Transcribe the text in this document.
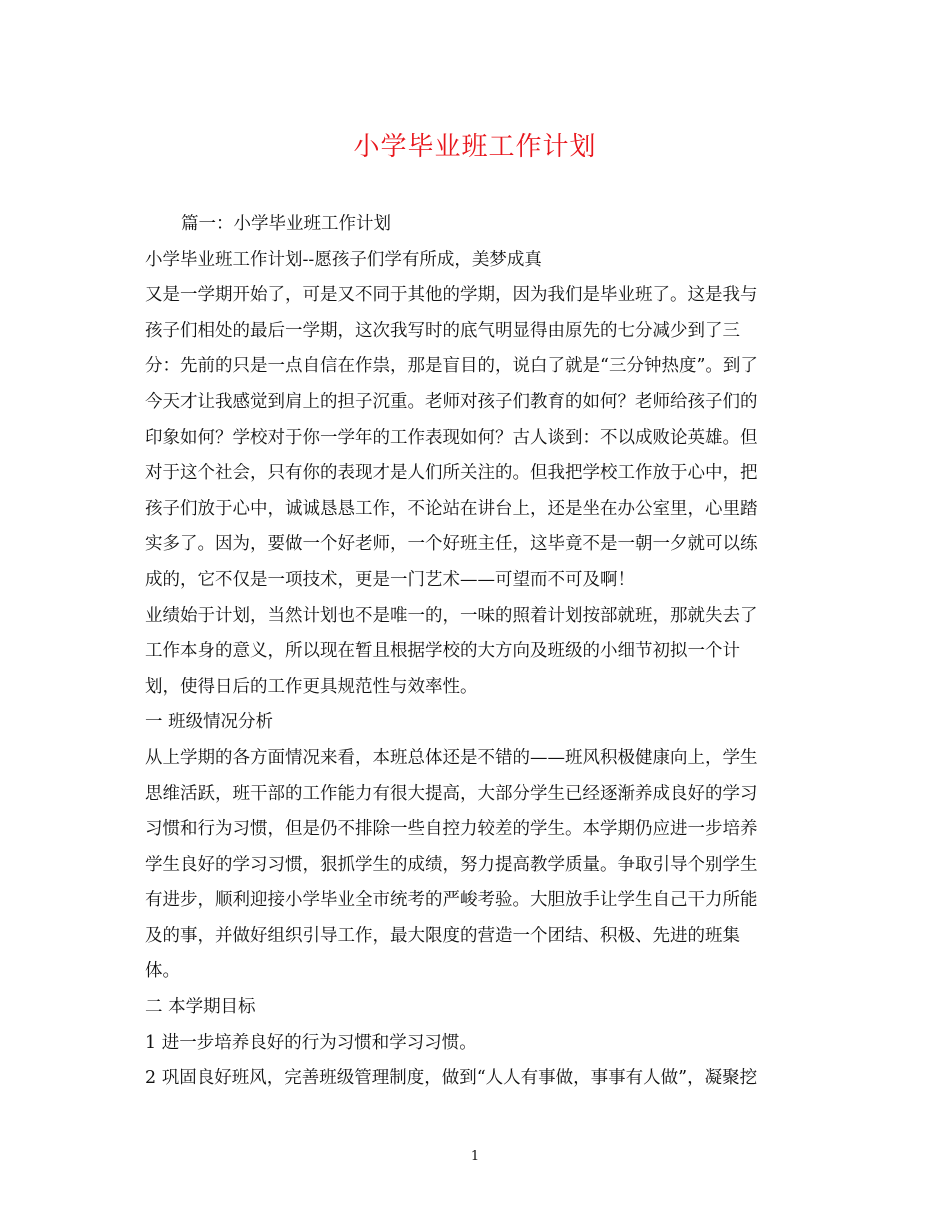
小学毕业班工作计划
篇一：小学毕业班工作计划
小学毕业班工作计划--愿孩子们学有所成，美梦成真
又是一学期开始了，可是又不同于其他的学期，因为我们是毕业班了。这是我与
孩子们相处的最后一学期，这次我写时的底气明显得由原先的七分减少到了三
分：先前的只是一点自信在作祟，那是盲目的，说白了就是“三分钟热度”。到了
今天才让我感觉到肩上的担子沉重。老师对孩子们教育的如何？老师给孩子们的
印象如何？学校对于你一学年的工作表现如何？古人谈到：不以成败论英雄。但
对于这个社会，只有你的表现才是人们所关注的。但我把学校工作放于心中，把
孩子们放于心中，诚诚恳恳工作，不论站在讲台上，还是坐在办公室里，心里踏
实多了。因为，要做一个好老师，一个好班主任，这毕竟不是一朝一夕就可以练
成的，它不仅是一项技术，更是一门艺术——可望而不可及啊！
业绩始于计划，当然计划也不是唯一的，一味的照着计划按部就班，那就失去了
工作本身的意义，所以现在暂且根据学校的大方向及班级的小细节初拟一个计
划，使得日后的工作更具规范性与效率性。
一 班级情况分析
从上学期的各方面情况来看，本班总体还是不错的——班风积极健康向上，学生
思维活跃，班干部的工作能力有很大提高，大部分学生已经逐渐养成良好的学习
习惯和行为习惯，但是仍不排除一些自控力较差的学生。本学期仍应进一步培养
学生良好的学习习惯，狠抓学生的成绩，努力提高教学质量。争取引导个别学生
有进步，顺利迎接小学毕业全市统考的严峻考验。大胆放手让学生自己干力所能
及的事，并做好组织引导工作，最大限度的营造一个团结、积极、先进的班集
体。
二 本学期目标
1 进一步培养良好的行为习惯和学习习惯。
2 巩固良好班风，完善班级管理制度，做到“人人有事做，事事有人做”，凝聚挖
1
